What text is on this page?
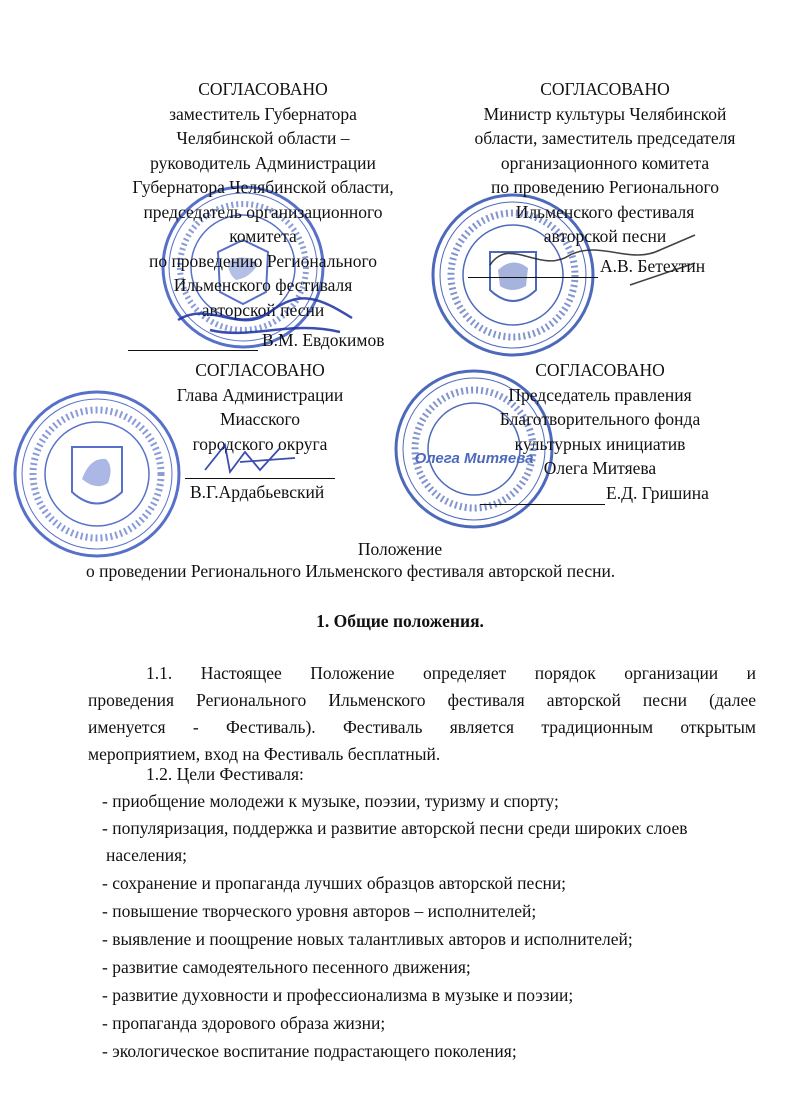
Олега Митяева
СОГЛАСОВАНО
заместитель Губернатора
Челябинской области –
руководитель Администрации
Губернатора Челябинской области,
председатель организационного
комитета
по проведению Регионального
Ильменского фестиваля
авторской песни
В.М. Евдокимов
СОГЛАСОВАНО
Министр культуры Челябинской
области, заместитель председателя
организационного комитета
по проведению Регионального
Ильменского фестиваля
авторской песни
А.В. Бетехтин
СОГЛАСОВАНО
Глава Администрации
Миасского
городского округа
В.Г.Ардабьевский
СОГЛАСОВАНО
Председатель правления
Благотворительного фонда
культурных инициатив
Олега Митяева
Е.Д. Гришина
Положение
о проведении Регионального Ильменского фестиваля авторской песни.
1. Общие положения.
1.1. Настоящее Положение определяет порядок организации и
проведения Регионального Ильменского фестиваля авторской песни (далее
именуется - Фестиваль). Фестиваль является традиционным открытым
мероприятием, вход на Фестиваль бесплатный.
1.2. Цели Фестиваля:
- приобщение молодежи к музыке, поэзии, туризму и спорту;
- популяризация, поддержка и развитие авторской песни среди широких слоев
населения;
- сохранение и пропаганда лучших образцов авторской песни;
- повышение творческого уровня авторов – исполнителей;
- выявление и поощрение новых талантливых авторов и исполнителей;
- развитие самодеятельного песенного движения;
- развитие духовности и профессионализма в музыке и поэзии;
- пропаганда здорового образа жизни;
- экологическое воспитание подрастающего поколения;
